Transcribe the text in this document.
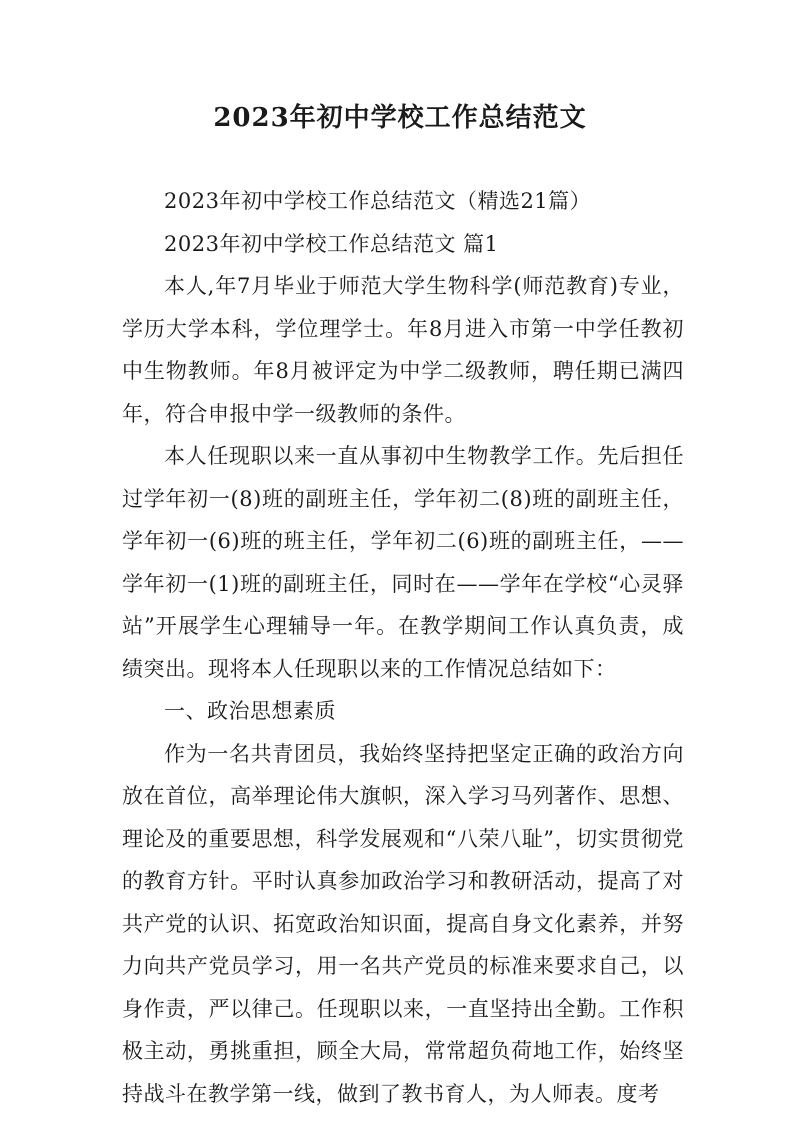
2023年初中学校工作总结范文

2023年初中学校工作总结范文（精选21篇）

2023年初中学校工作总结范文 篇1

本人,年7月毕业于师范大学生物科学(师范教育)专业，学历大学本科，学位理学士。年8月进入市第一中学任教初中生物教师。年8月被评定为中学二级教师，聘任期已满四年，符合申报中学一级教师的条件。

本人任现职以来一直从事初中生物教学工作。先后担任过学年初一(8)班的副班主任，学年初二(8)班的副班主任，学年初一(6)班的班主任，学年初二(6)班的副班主任，——学年初一(1)班的副班主任，同时在——学年在学校“心灵驿站”开展学生心理辅导一年。在教学期间工作认真负责，成绩突出。现将本人任现职以来的工作情况总结如下：

一、政治思想素质

作为一名共青团员，我始终坚持把坚定正确的政治方向放在首位，高举理论伟大旗帜，深入学习马列著作、思想、理论及的重要思想，科学发展观和“八荣八耻”，切实贯彻党的教育方针。平时认真参加政治学习和教研活动，提高了对共产党的认识、拓宽政治知识面，提高自身文化素养，并努力向共产党员学习，用一名共产党员的标准来要求自己，以身作责，严以律己。任现职以来，一直坚持出全勤。工作积极主动，勇挑重担，顾全大局，常常超负荷地工作，始终坚持战斗在教学第一线，做到了教书育人，为人师表。度考
